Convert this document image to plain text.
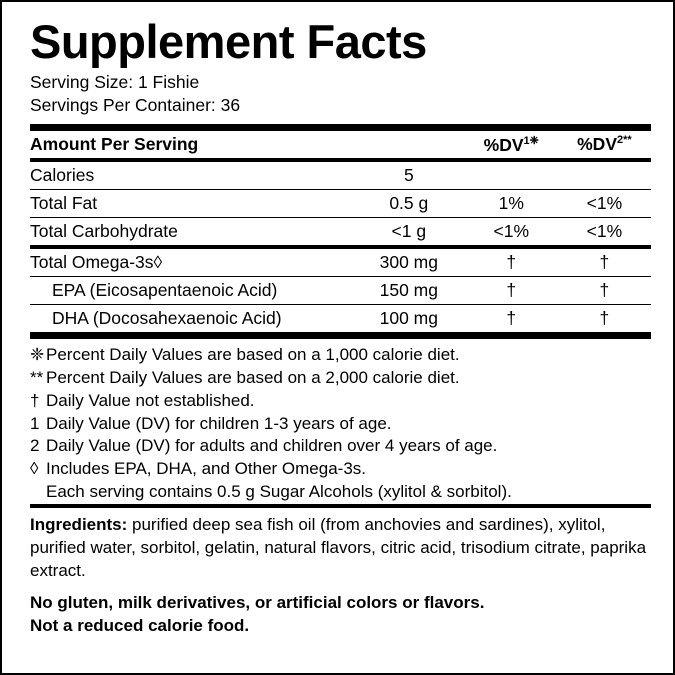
Supplement Facts
Serving Size: 1 Fishie
Servings Per Container: 36
Amount Per Serving		$\%DV^{1❈}$	$\%DV^{2**}$
Calories	5		
Total Fat	0.5 g	1%	<1%
Total Carbohydrate	<1 g	<1%	<1%
Total Omega-3s◊	300 mg	†	†
EPA (Eicosapentaenoic Acid)	150 mg	†	†
DHA (Docosahexaenoic Acid)	100 mg	†	†
❈ Percent Daily Values are based on a 1,000 calorie diet.
** Percent Daily Values are based on a 2,000 calorie diet.
† Daily Value not established.
1 Daily Value (DV) for children 1-3 years of age.
2 Daily Value (DV) for adults and children over 4 years of age.
◊ Includes EPA, DHA, and Other Omega-3s.
Each serving contains 0.5 g Sugar Alcohols (xylitol & sorbitol).
Ingredients: purified deep sea fish oil (from anchovies and sardines), xylitol, purified water, sorbitol, gelatin, natural flavors, citric acid, trisodium citrate, paprika extract.
No gluten, milk derivatives, or artificial colors or flavors.
Not a reduced calorie food.
